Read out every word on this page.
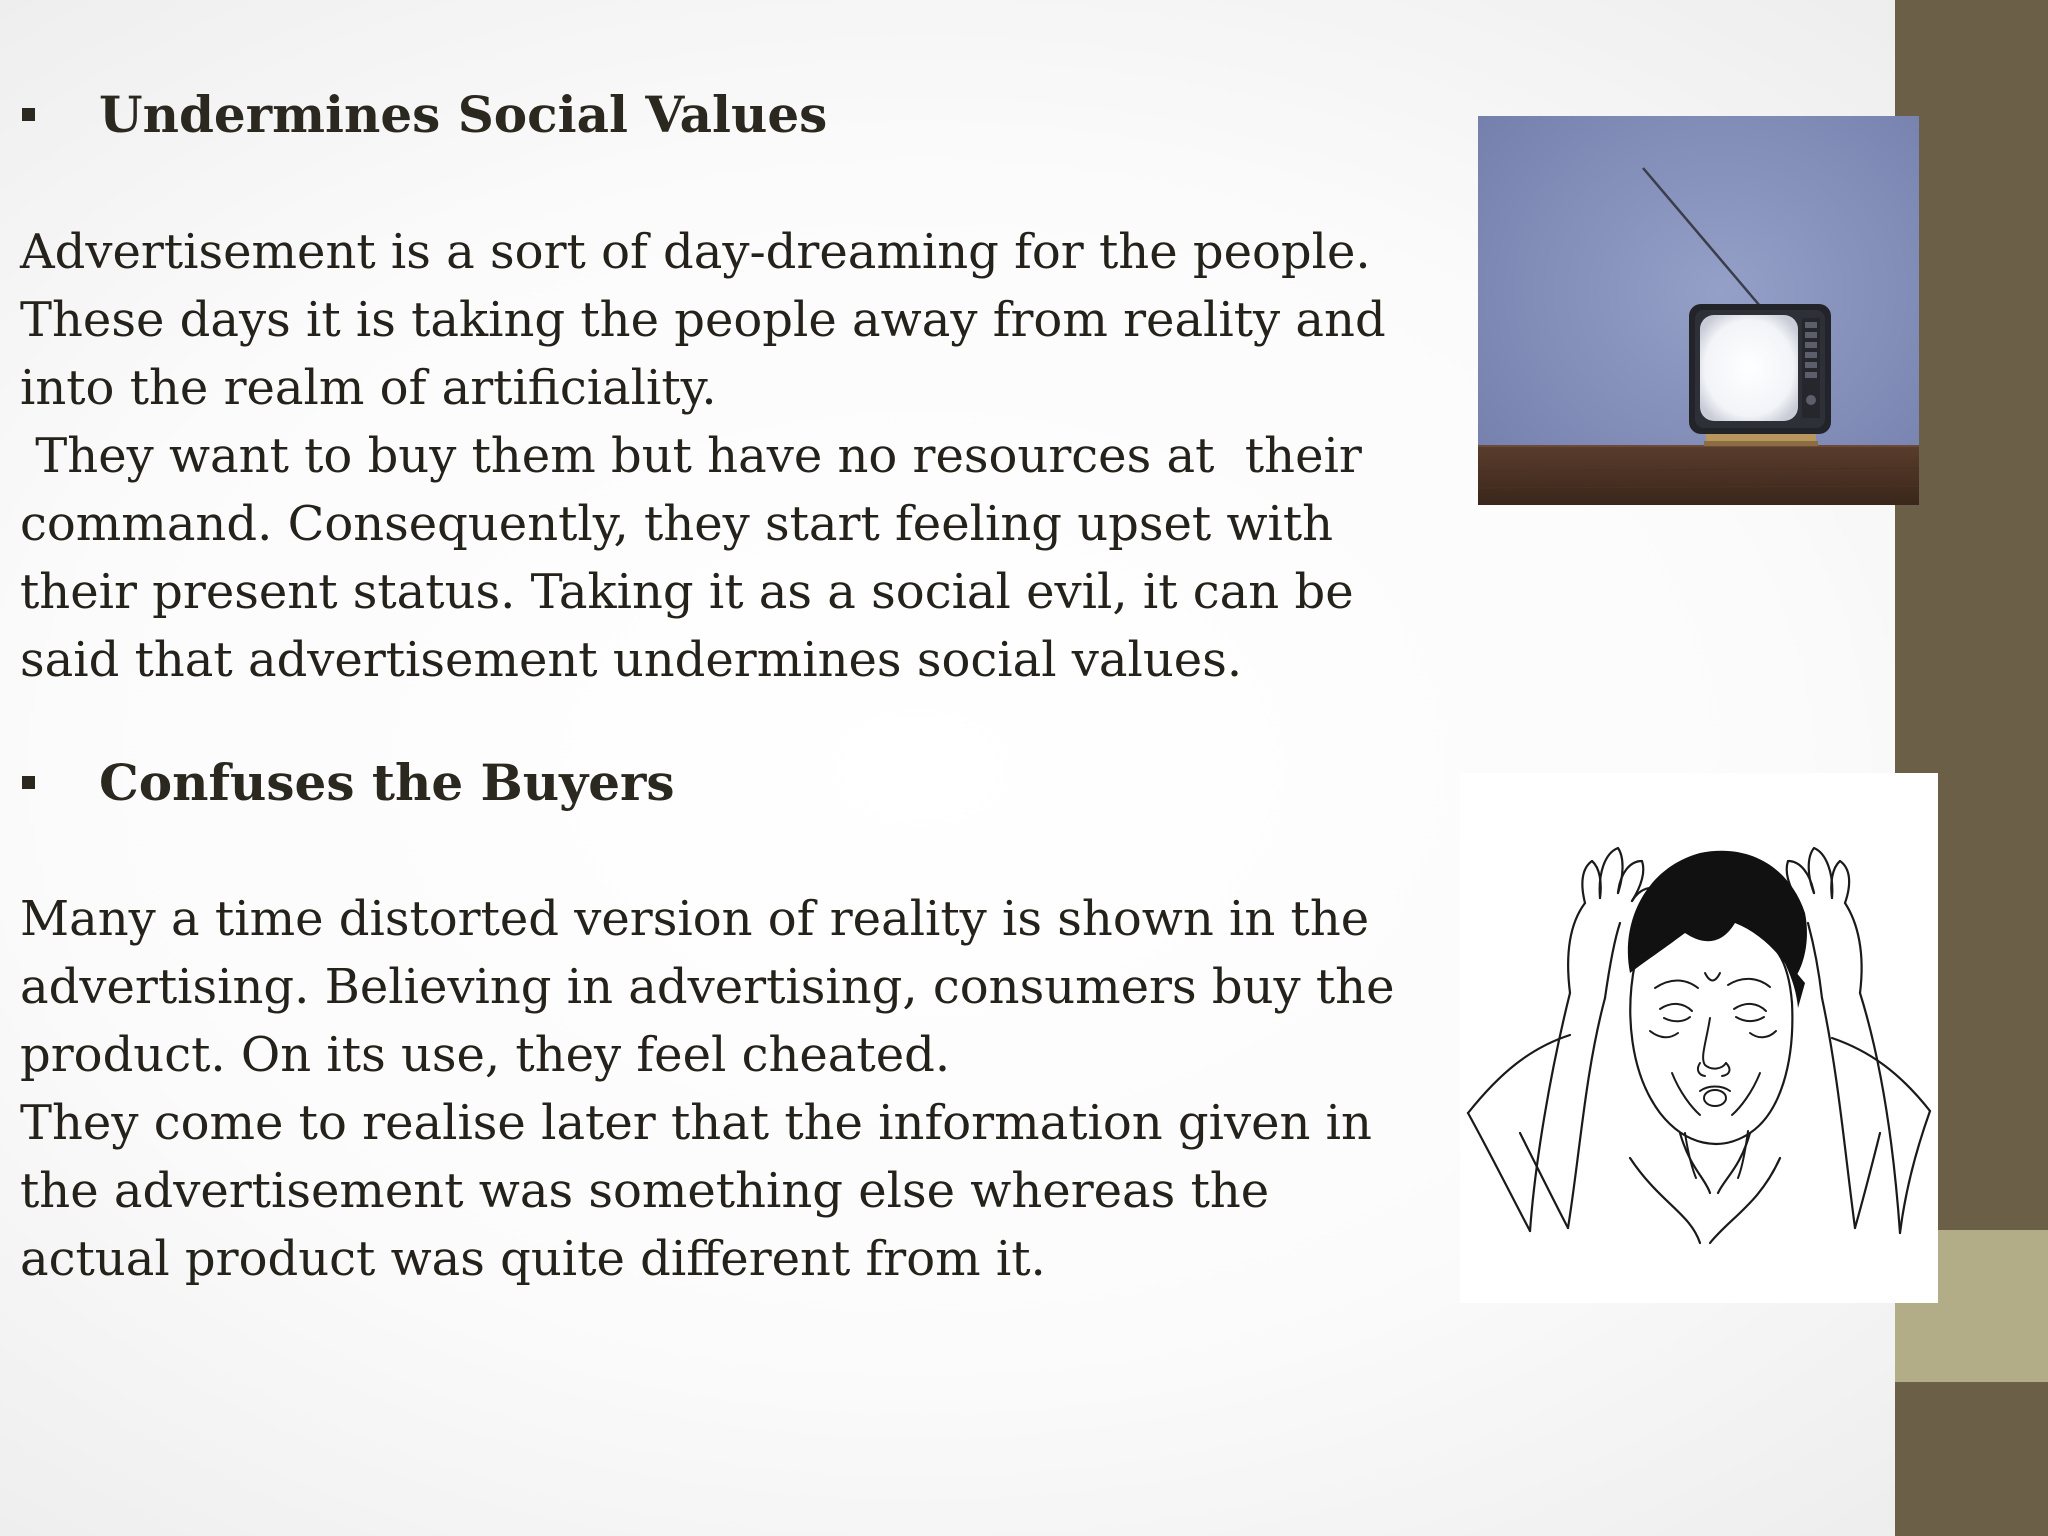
Undermines Social Values

Advertisement is a sort of day-dreaming for the people.
These days it is taking the people away from reality and
into the realm of artificiality.
They want to buy them but have no resources at  their
command. Consequently, they start feeling upset with
their present status. Taking it as a social evil, it can be
said that advertisement undermines social values.

Confuses the Buyers

Many a time distorted version of reality is shown in the
advertising. Believing in advertising, consumers buy the
product. On its use, they feel cheated.
They come to realise later that the information given in
the advertisement was something else whereas the
actual product was quite different from it.
